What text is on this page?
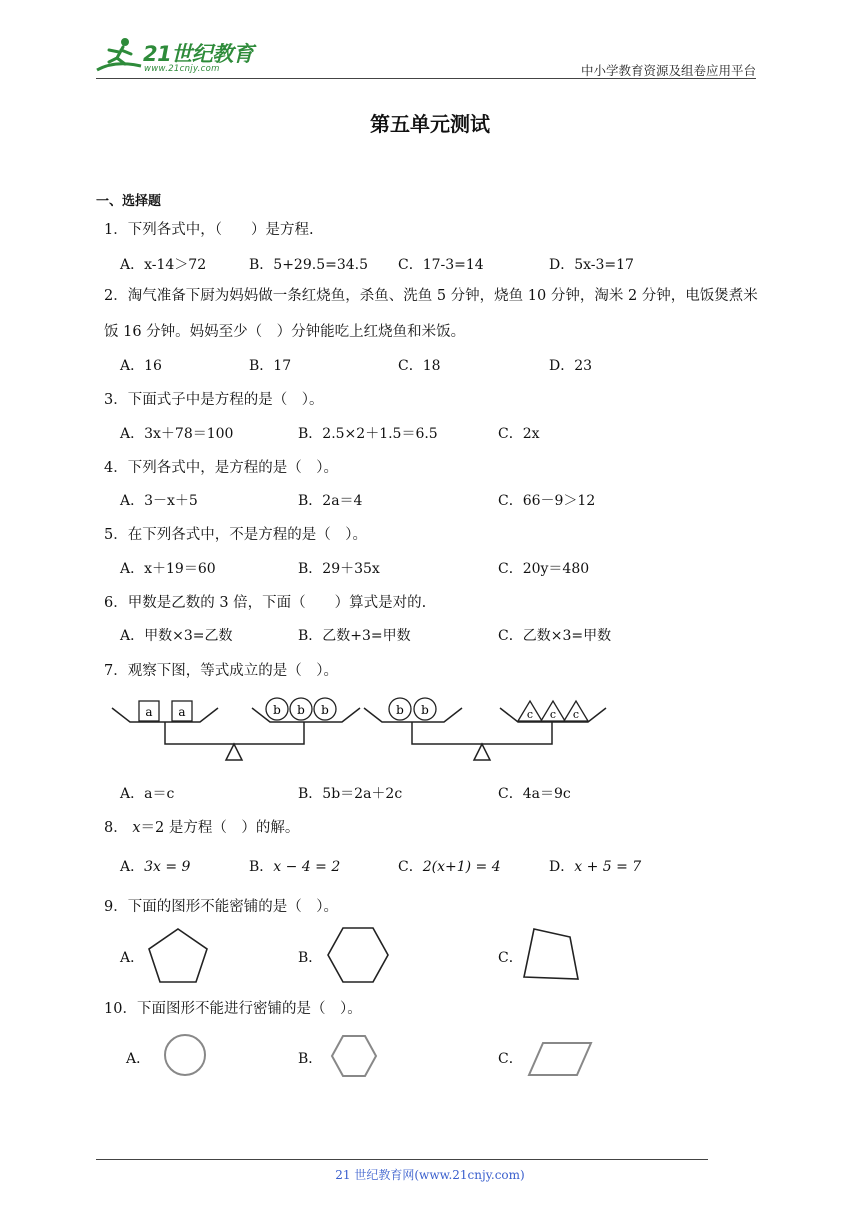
21世纪教育
www.21cnjy.com	中小学教育资源及组卷应用平台
第五单元测试
一、选择题
1．下列各式中，（　　）是方程.
A．x-14＞72	B．5+29.5=34.5 C．17-3=14	D．5x-3=17
2．淘气准备下厨为妈妈做一条红烧鱼，杀鱼、洗鱼 5 分钟，烧鱼 10 分钟，淘米 2 分钟，电饭煲煮米饭 16 分钟。妈妈至少（　）分钟能吃上红烧鱼和米饭。
A．16	B．17	C．18	D．23
3．下面式子中是方程的是（　）。
A．3x＋78＝100	B．2.5×2＋1.5＝6.5	C．2x
4．下列各式中，是方程的是（　）。
A．3－x＋5	B．2a＝4	C．66－9＞12
5．在下列各式中，不是方程的是（　）。
A．x＋19＝60	B．29＋35x	C．20y＝480
6．甲数是乙数的 3 倍，下面（　　）算式是对的.
A．甲数×3=乙数	B．乙数+3=甲数	C．乙数×3=甲数
7．观察下图，等式成立的是（　）。
a a	b b b	b b	c c c
A．a＝c	B．5b＝2a＋2c	C．4a＝9c
8． x＝2 是方程（　）的解。
A．3x = 9	B．x − 4 = 2	C．2(x+1) = 4	D．x + 5 = 7
9．下面的图形不能密铺的是（　）。
A．	B．	C．
10．下面图形不能进行密铺的是（　）。
A．	B．	C．
21 世纪教育网(www.21cnjy.com)
